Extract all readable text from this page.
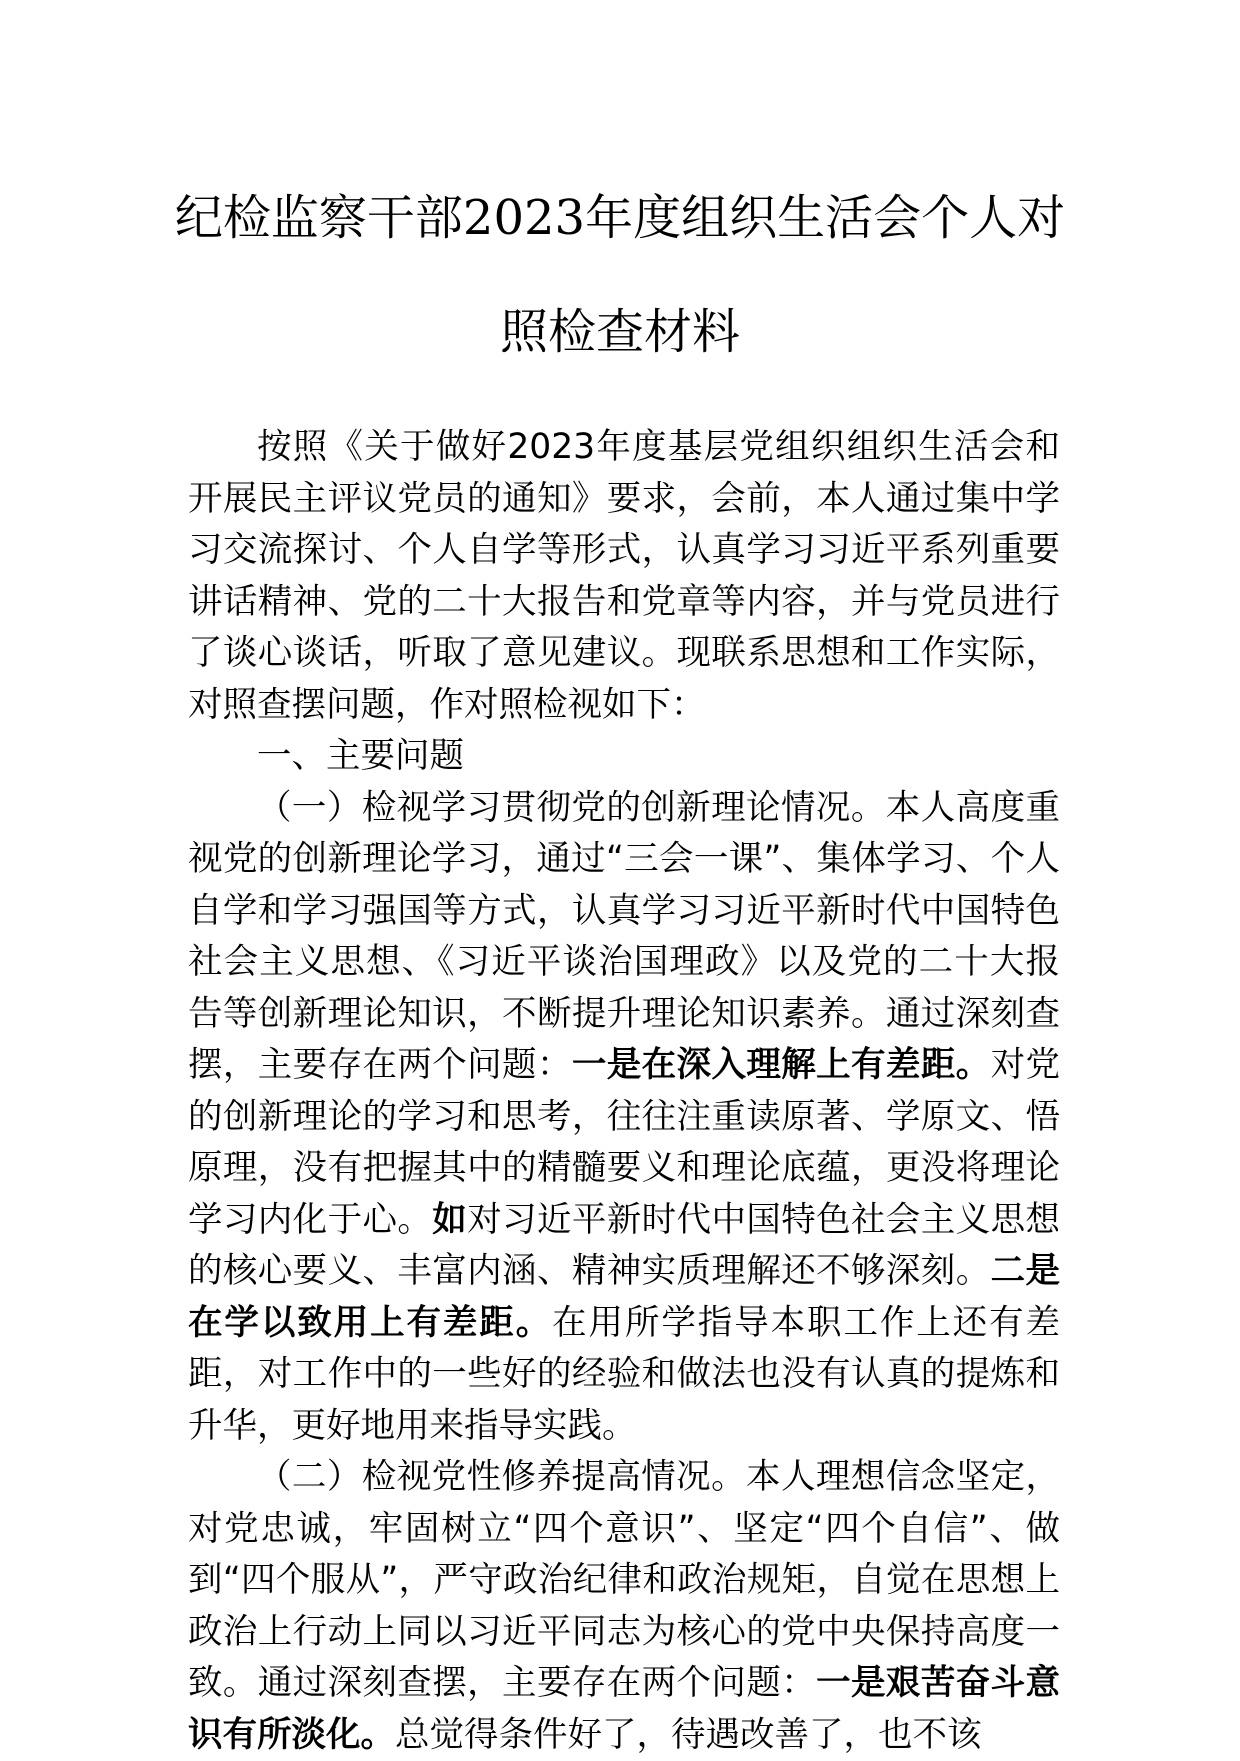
纪检监察干部2023年度组织生活会个人对
照检查材料

按照《关于做好2023年度基层党组织组织生活会和开展民主评议党员的通知》要求，会前，本人通过集中学习交流探讨、个人自学等形式，认真学习习近平系列重要讲话精神、党的二十大报告和党章等内容，并与党员进行了谈心谈话，听取了意见建议。现联系思想和工作实际，对照查摆问题，作对照检视如下：

一、主要问题

（一）检视学习贯彻党的创新理论情况。本人高度重视党的创新理论学习，通过“三会一课”、集体学习、个人自学和学习强国等方式，认真学习习近平新时代中国特色社会主义思想、《习近平谈治国理政》以及党的二十大报告等创新理论知识，不断提升理论知识素养。通过深刻查摆，主要存在两个问题：一是在深入理解上有差距。对党的创新理论的学习和思考，往往注重读原著、学原文、悟原理，没有把握其中的精髓要义和理论底蕴，更没将理论学习内化于心。如对习近平新时代中国特色社会主义思想的核心要义、丰富内涵、精神实质理解还不够深刻。二是在学以致用上有差距。在用所学指导本职工作上还有差距，对工作中的一些好的经验和做法也没有认真的提炼和升华，更好地用来指导实践。

（二）检视党性修养提高情况。本人理想信念坚定，对党忠诚，牢固树立“四个意识”、坚定“四个自信”、做到“四个服从”，严守政治纪律和政治规矩，自觉在思想上政治上行动上同以习近平同志为核心的党中央保持高度一致。通过深刻查摆，主要存在两个问题：一是艰苦奋斗意识有所淡化。总觉得条件好了，待遇改善了，也不该
